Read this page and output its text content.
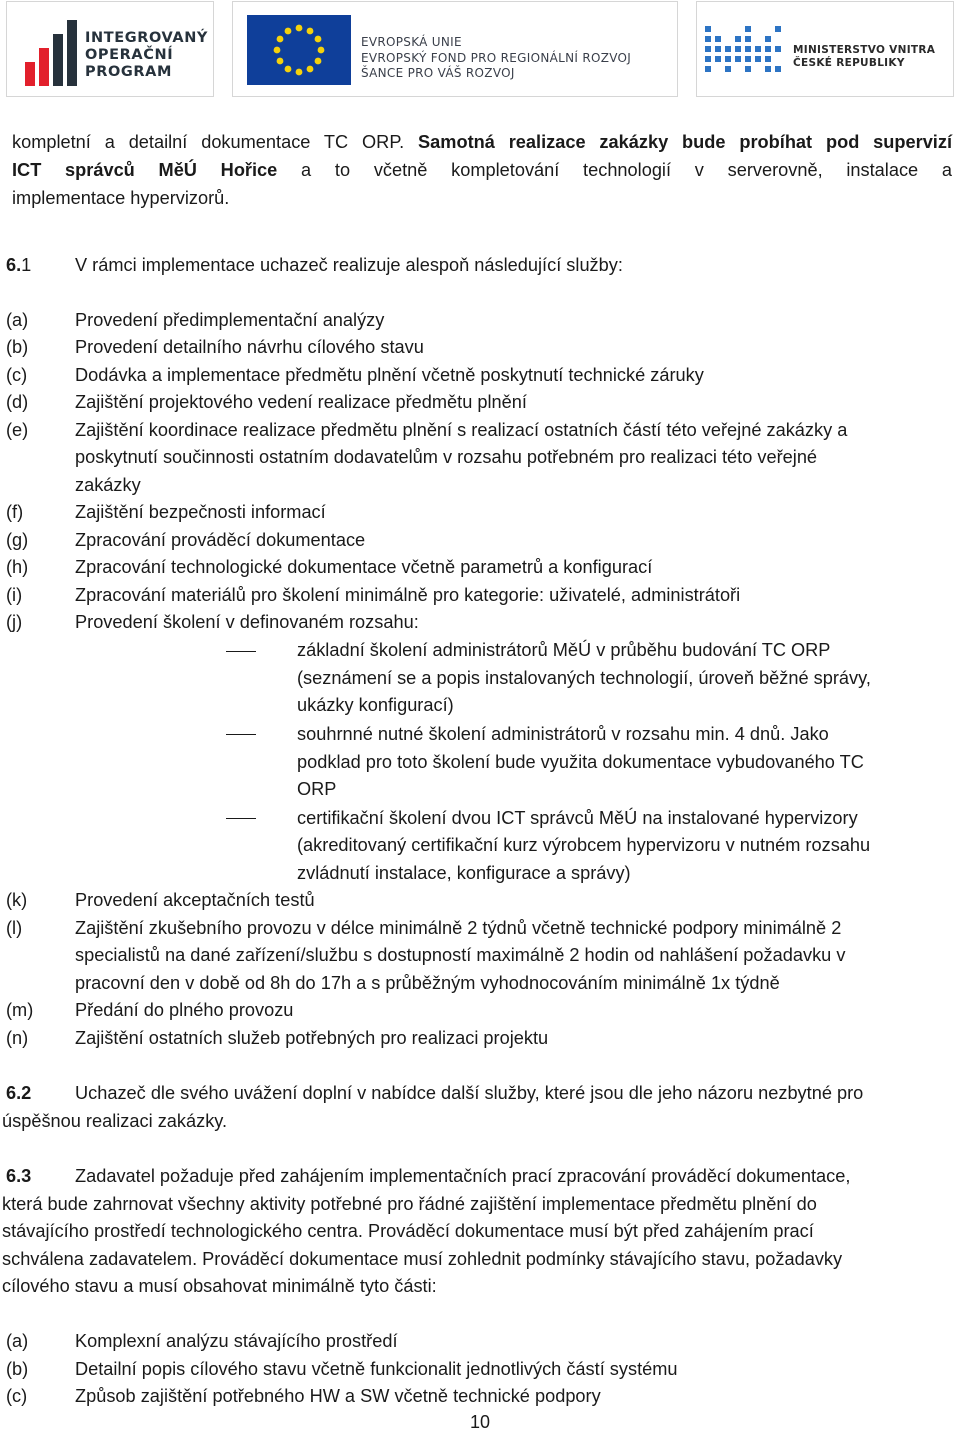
INTEGROVANÝ
OPERAČNÍ
PROGRAM
EVROPSKÁ UNIE
EVROPSKÝ FOND PRO REGIONÁLNÍ ROZVOJ
ŠANCE PRO VÁŠ ROZVOJ
MINISTERSTVO VNITRA
ČESKÉ REPUBLIKY
kompletní a detailní dokumentace TC ORP. Samotná realizace zakázky bude probíhat pod supervizí
ICT správců MěÚ Hořice a to včetně kompletování technologií v serverovně, instalace a
implementace hypervizorů.
6.1 V rámci implementace uchazeč realizuje alespoň následující služby:
(a)	Provedení předimplementační analýzy
(b)	Provedení detailního návrhu cílového stavu
(c)	Dodávka a implementace předmětu plnění včetně poskytnutí technické záruky
(d)	Zajištění projektového vedení realizace předmětu plnění
(e)	Zajištění koordinace realizace předmětu plnění s realizací ostatních částí této veřejné zakázky a
poskytnutí součinnosti ostatním dodavatelům v rozsahu potřebném pro realizaci této veřejné
zakázky
(f)	Zajištění bezpečnosti informací
(g)	Zpracování prováděcí dokumentace
(h)	Zpracování technologické dokumentace včetně parametrů a konfigurací
(i)	Zpracování materiálů pro školení minimálně pro kategorie: uživatelé, administrátoři
(j)	Provedení školení v definovaném rozsahu:
základní školení administrátorů MěÚ v průběhu budování TC ORP
(seznámení se a popis instalovaných technologií, úroveň běžné správy,
ukázky konfigurací)
souhrnné nutné školení administrátorů v rozsahu min. 4 dnů. Jako
podklad pro toto školení bude využita dokumentace vybudovaného TC
ORP
certifikační školení dvou ICT správců MěÚ na instalované hypervizory
(akreditovaný certifikační kurz výrobcem hypervizoru v nutném rozsahu
zvládnutí instalace, konfigurace a správy)
(k)	Provedení akceptačních testů
(l)	Zajištění zkušebního provozu v délce minimálně 2 týdnů včetně technické podpory minimálně 2
specialistů na dané zařízení/službu s dostupností maximálně 2 hodin od nahlášení požadavku v
pracovní den v době od 8h do 17h a s průběžným vyhodnocováním minimálně 1x týdně
(m) Předání do plného provozu
(n)	Zajištění ostatních služeb potřebných pro realizaci projektu
6.2 Uchazeč dle svého uvážení doplní v nabídce další služby, které jsou dle jeho názoru nezbytné pro
úspěšnou realizaci zakázky.
6.3 Zadavatel požaduje před zahájením implementačních prací zpracování prováděcí dokumentace,
která bude zahrnovat všechny aktivity potřebné pro řádné zajištění implementace předmětu plnění do
stávajícího prostředí technologického centra. Prováděcí dokumentace musí být před zahájením prací
schválena zadavatelem. Prováděcí dokumentace musí zohlednit podmínky stávajícího stavu, požadavky
cílového stavu a musí obsahovat minimálně tyto části:
(a)	Komplexní analýzu stávajícího prostředí
(b)	Detailní popis cílového stavu včetně funkcionalit jednotlivých částí systému
(c)	Způsob zajištění potřebného HW a SW včetně technické podpory
10
